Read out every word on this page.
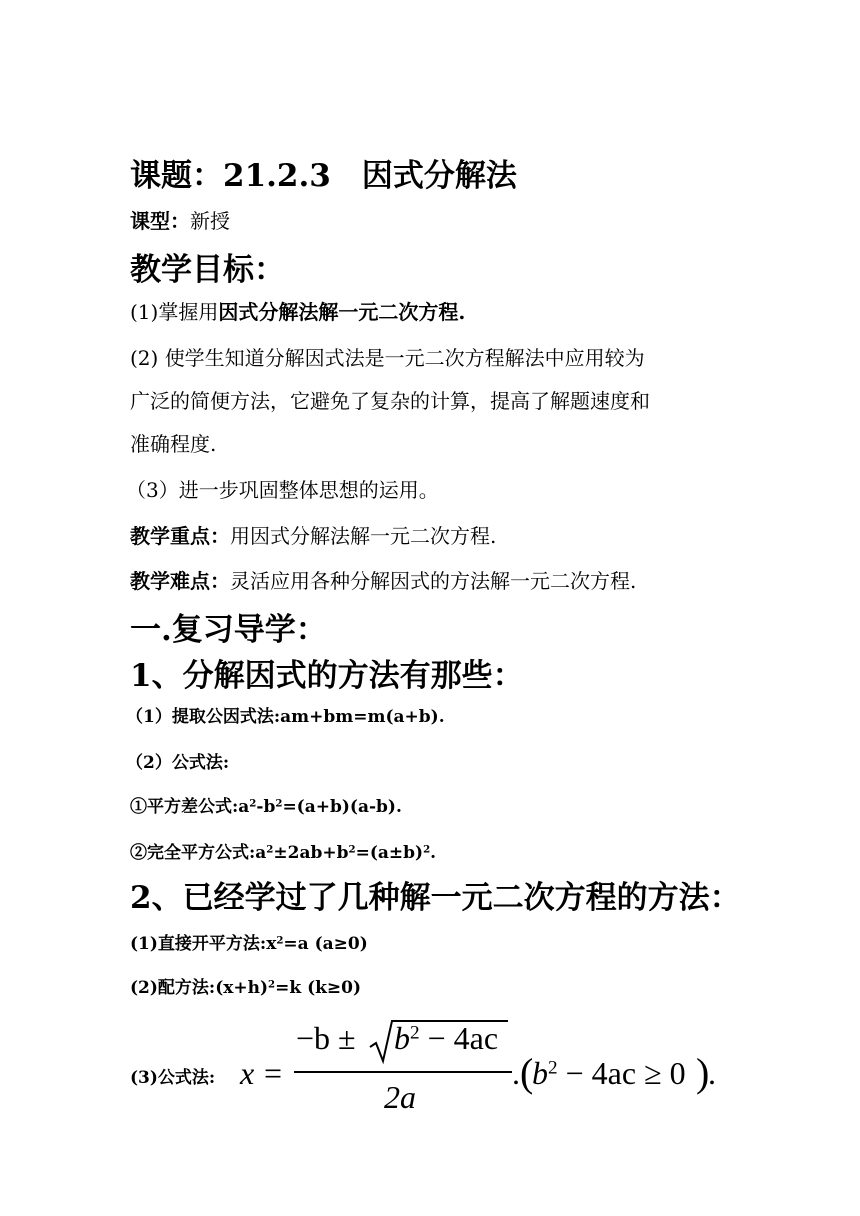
课题：21.2.3　因式分解法
课型：新授
教学目标：
(1)掌握用因式分解法解一元二次方程.
(2) 使学生知道分解因式法是一元二次方程解法中应用较为
广泛的简便方法，它避免了复杂的计算，提高了解题速度和
准确程度.
（3）进一步巩固整体思想的运用。
教学重点：用因式分解法解一元二次方程.
教学难点：灵活应用各种分解因式的方法解一元二次方程.
一.复习导学：
1、分解因式的方法有那些：
（1）提取公因式法:am+bm=m(a+b).
（2）公式法:
①平方差公式$:a^2-b^2=(a+b)(a-b)$.
②完全平方公式$:a^2\pm 2ab+b^2=(a\pm b)^2$.
2、已经学过了几种解一元二次方程的方法：
(1)直接开平方法$:x^2=a$ (a≥0)
(2)配方法$:(x+h)^2=k$ (k≥0)
(3)公式法: x =
$-b \pm b^2 - 4ac$
2a
. (
$b^2 - 4ac \ge 0$ )
.
